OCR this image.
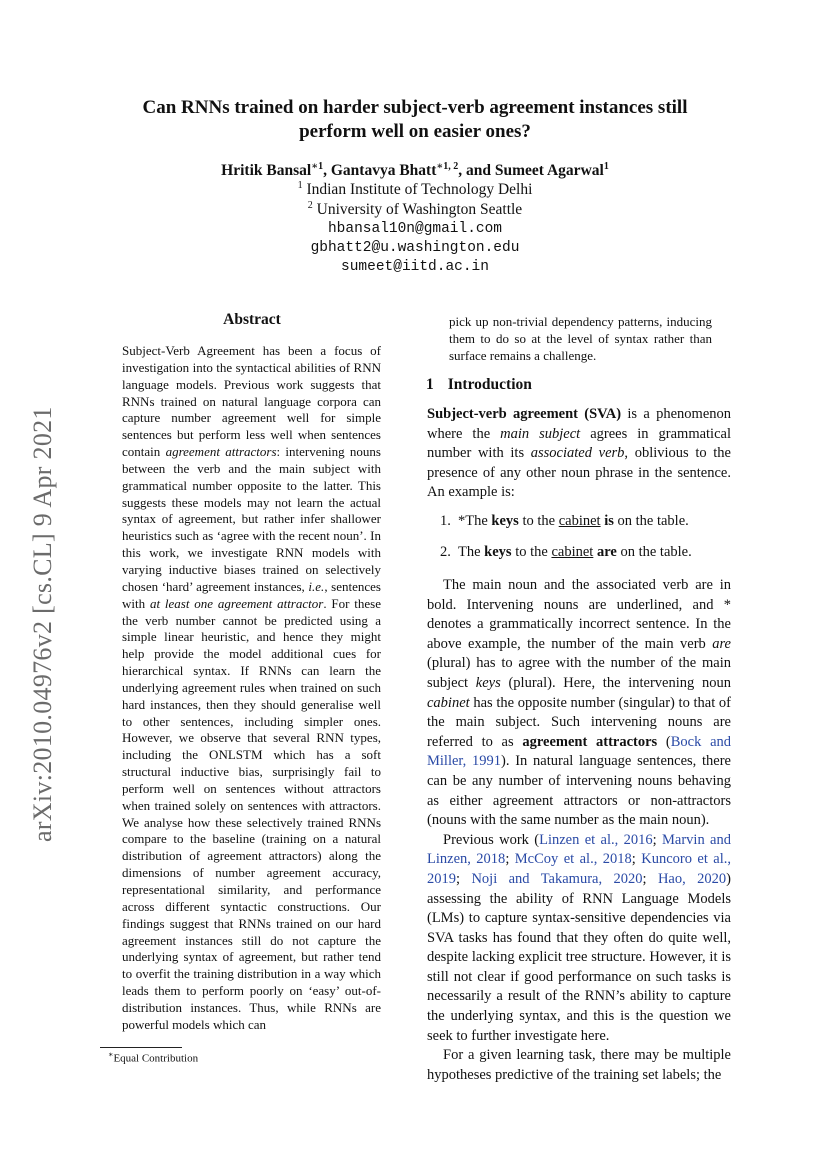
arXiv:2010.04976v2 [cs.CL] 9 Apr 2021
Can RNNs trained on harder subject-verb agreement instances still
perform well on easier ones?
Hritik Bansal$^{∗1}$, Gantavya Bhatt$^{∗1, 2}$, and Sumeet Agarwal$^1$
$^1$ Indian Institute of Technology Delhi
$^2$ University of Washington Seattle
hbansal10n@gmail.com
gbhatt2@u.washington.edu
sumeet@iitd.ac.in
Abstract
Subject-Verb Agreement has been a focus of investigation into the syntactical abilities of RNN language models. Previous work suggests that RNNs trained on natural language corpora can capture number agreement well for simple sentences but perform less well when sentences contain agreement attractors: intervening nouns between the verb and the main subject with grammatical number opposite to the latter. This suggests these models may not learn the actual syntax of agreement, but rather infer shallower heuristics such as ‘agree with the recent noun’. In this work, we investigate RNN models with varying inductive biases trained on selectively chosen ‘hard’ agreement instances, i.e., sentences with at least one agreement attractor. For these the verb number cannot be predicted using a simple linear heuristic, and hence they might help provide the model additional cues for hierarchical syntax. If RNNs can learn the underlying agreement rules when trained on such hard instances, then they should generalise well to other sentences, including simpler ones. However, we observe that several RNN types, including the ONLSTM which has a soft structural inductive bias, surprisingly fail to perform well on sentences without attractors when trained solely on sentences with attractors. We analyse how these selectively trained RNNs compare to the baseline (training on a natural distribution of agreement attractors) along the dimensions of number agreement accuracy, representational similarity, and performance across different syntactic constructions. Our findings suggest that RNNs trained on our hard agreement instances still do not capture the underlying syntax of agreement, but rather tend to overfit the training distribution in a way which leads them to perform poorly on ‘easy’ out-of-distribution instances. Thus, while RNNs are powerful models which can
∗Equal Contribution
pick up non-trivial dependency patterns, inducing them to do so at the level of syntax rather than surface remains a challenge.
1 Introduction

Subject-verb agreement (SVA) is a phenomenon where the main subject agrees in grammatical number with its associated verb, oblivious to the presence of any other noun phrase in the sentence. An example is:

1. *The keys to the cabinet is on the table.
2. The keys to the cabinet are on the table.

The main noun and the associated verb are in bold. Intervening nouns are underlined, and * denotes a grammatically incorrect sentence. In the above example, the number of the main verb are (plural) has to agree with the number of the main subject keys (plural). Here, the intervening noun cabinet has the opposite number (singular) to that of the main subject. Such intervening nouns are referred to as agreement attractors (Bock and Miller, 1991). In natural language sentences, there can be any number of intervening nouns behaving as either agreement attractors or non-attractors (nouns with the same number as the main noun).

Previous work (Linzen et al., 2016; Marvin and Linzen, 2018; McCoy et al., 2018; Kuncoro et al., 2019; Noji and Takamura, 2020; Hao, 2020) assessing the ability of RNN Language Models (LMs) to capture syntax-sensitive dependencies via SVA tasks has found that they often do quite well, despite lacking explicit tree structure. However, it is still not clear if good performance on such tasks is necessarily a result of the RNN’s ability to capture the underlying syntax, and this is the question we seek to further investigate here.

For a given learning task, there may be multiple hypotheses predictive of the training set labels; the
